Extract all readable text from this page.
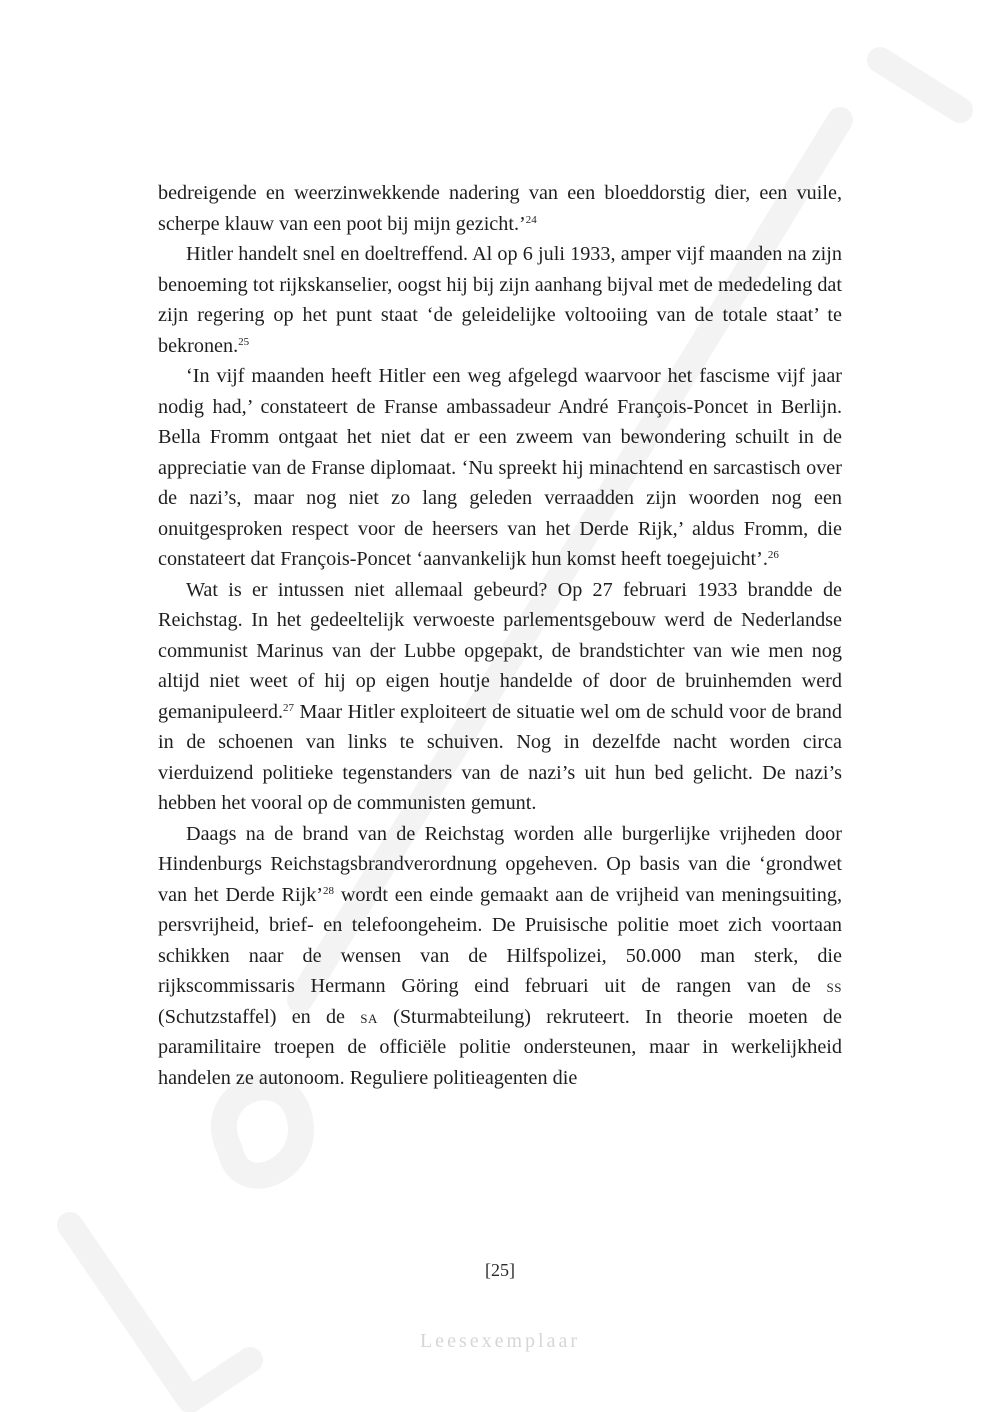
bedreigende en weerzinwekkende nadering van een bloeddorstig dier, een vuile, scherpe klauw van een poot bij mijn gezicht.’$^{24}$

Hitler handelt snel en doeltreffend. Al op 6 juli 1933, amper vijf maanden na zijn benoeming tot rijkskanselier, oogst hij bij zijn aanhang bijval met de mededeling dat zijn regering op het punt staat ‘de geleidelijke voltooiing van de totale staat’ te bekronen.$^{25}$

‘In vijf maanden heeft Hitler een weg afgelegd waarvoor het fascisme vijf jaar nodig had,’ constateert de Franse ambassadeur André François-Poncet in Berlijn. Bella Fromm ontgaat het niet dat er een zweem van bewondering schuilt in de appreciatie van de Franse diplomaat. ‘Nu spreekt hij minachtend en sarcastisch over de nazi’s, maar nog niet zo lang geleden verraadden zijn woorden nog een onuitgesproken respect voor de heersers van het Derde Rijk,’ aldus Fromm, die constateert dat François-Poncet ‘aanvankelijk hun komst heeft toegejuicht’.$^{26}$

Wat is er intussen niet allemaal gebeurd? Op 27 februari 1933 brandde de Reichstag. In het gedeeltelijk verwoeste parlementsgebouw werd de Nederlandse communist Marinus van der Lubbe opgepakt, de brandstichter van wie men nog altijd niet weet of hij op eigen houtje handelde of door de bruinhemden werd gemanipuleerd.$^{27}$ Maar Hitler exploiteert de situatie wel om de schuld voor de brand in de schoenen van links te schuiven. Nog in dezelfde nacht worden circa vierduizend politieke tegenstanders van de nazi’s uit hun bed gelicht. De nazi’s hebben het vooral op de communisten gemunt.

Daags na de brand van de Reichstag worden alle burgerlijke vrijheden door Hindenburgs Reichstagsbrandverordnung opgeheven. Op basis van die ‘grondwet van het Derde Rijk’$^{28}$ wordt een einde gemaakt aan de vrijheid van meningsuiting, persvrijheid, brief- en telefoongeheim. De Pruisische politie moet zich voortaan schikken naar de wensen van de Hilfspolizei, 50.000 man sterk, die rijkscommissaris Hermann Göring eind februari uit de rangen van de ss (Schutzstaffel) en de sa (Sturmabteilung) rekruteert. In theorie moeten de paramilitaire troepen de officiële politie ondersteunen, maar in werkelijkheid handelen ze autonoom. Reguliere politieagenten die

[25]
Leesexemplaar
